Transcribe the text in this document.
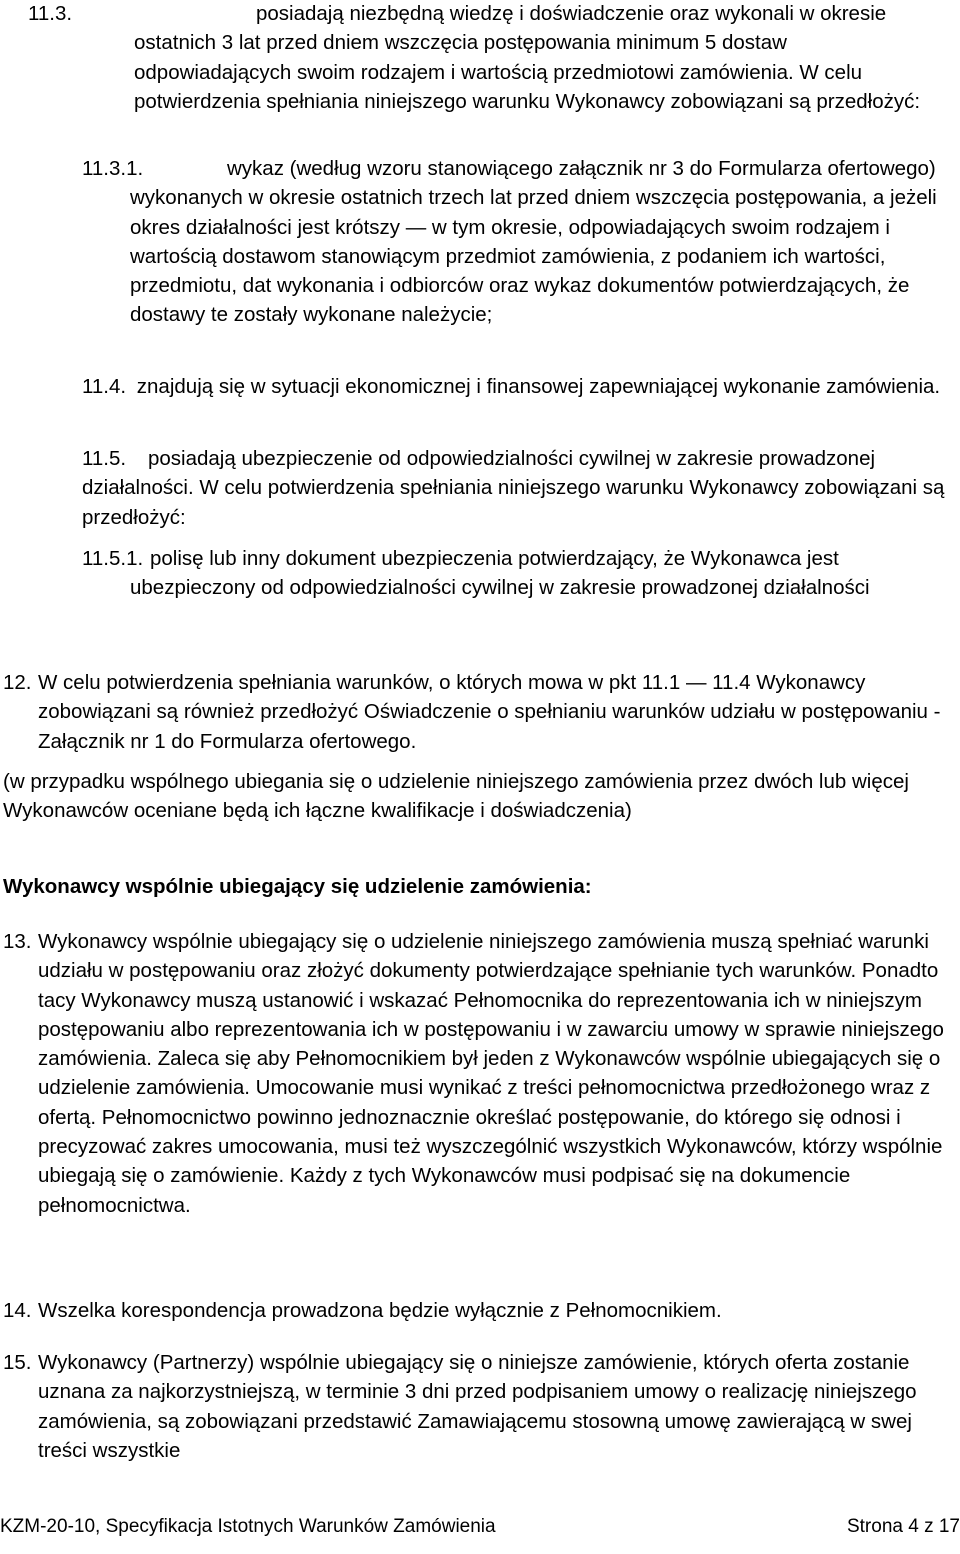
11.3.	posiadają niezbędną wiedzę i doświadczenie oraz wykonali w okresie ostatnich 3 lat przed dniem wszczęcia postępowania minimum 5 dostaw odpowiadających swoim rodzajem i wartością przedmiotowi zamówienia. W celu potwierdzenia spełniania niniejszego warunku Wykonawcy zobowiązani są przedłożyć:
11.3.1.	wykaz (według wzoru stanowiącego załącznik nr 3 do Formularza ofertowego) wykonanych w okresie ostatnich trzech lat przed dniem wszczęcia postępowania, a jeżeli okres działalności jest krótszy — w tym okresie, odpowiadających swoim rodzajem i wartością dostawom stanowiącym przedmiot zamówienia, z podaniem ich wartości, przedmiotu, dat wykonania i odbiorców oraz wykaz dokumentów potwierdzających, że dostawy te zostały wykonane należycie;
11.4. znajdują się w sytuacji ekonomicznej i finansowej zapewniającej wykonanie zamówienia.
11.5.	posiadają ubezpieczenie od odpowiedzialności cywilnej w zakresie prowadzonej działalności. W celu potwierdzenia spełniania niniejszego warunku Wykonawcy zobowiązani są przedłożyć:
11.5.1. polisę lub inny dokument ubezpieczenia potwierdzający, że Wykonawca jest ubezpieczony od odpowiedzialności cywilnej w zakresie prowadzonej działalności
12. W celu potwierdzenia spełniania warunków, o których mowa w pkt 11.1 — 11.4 Wykonawcy zobowiązani są również przedłożyć Oświadczenie o spełnianiu warunków udziału w postępowaniu - Załącznik nr 1 do Formularza ofertowego.
(w przypadku wspólnego ubiegania się o udzielenie niniejszego zamówienia przez dwóch lub więcej Wykonawców oceniane będą ich łączne kwalifikacje i doświadczenia)
Wykonawcy wspólnie ubiegający się udzielenie zamówienia:
13. Wykonawcy wspólnie ubiegający się o udzielenie niniejszego zamówienia muszą spełniać warunki udziału w postępowaniu oraz złożyć dokumenty potwierdzające spełnianie tych warunków. Ponadto tacy Wykonawcy muszą ustanowić i wskazać Pełnomocnika do reprezentowania ich w niniejszym postępowaniu albo reprezentowania ich w postępowaniu i w zawarciu umowy w sprawie niniejszego zamówienia. Zaleca się aby Pełnomocnikiem był jeden z Wykonawców wspólnie ubiegających się o udzielenie zamówienia. Umocowanie musi wynikać z treści pełnomocnictwa przedłożonego wraz z ofertą. Pełnomocnictwo powinno jednoznacznie określać postępowanie, do którego się odnosi i precyzować zakres umocowania, musi też wyszczególnić wszystkich Wykonawców, którzy wspólnie ubiegają się o zamówienie. Każdy z tych Wykonawców musi podpisać się na dokumencie pełnomocnictwa.
14. Wszelka korespondencja prowadzona będzie wyłącznie z Pełnomocnikiem.
15. Wykonawcy (Partnerzy) wspólnie ubiegający się o niniejsze zamówienie, których oferta zostanie uznana za najkorzystniejszą, w terminie 3 dni przed podpisaniem umowy o realizację niniejszego zamówienia, są zobowiązani przedstawić Zamawiającemu stosowną umowę zawierającą w swej treści wszystkie
KZM-20-10, Specyfikacja Istotnych Warunków Zamówienia	Strona 4 z 17
